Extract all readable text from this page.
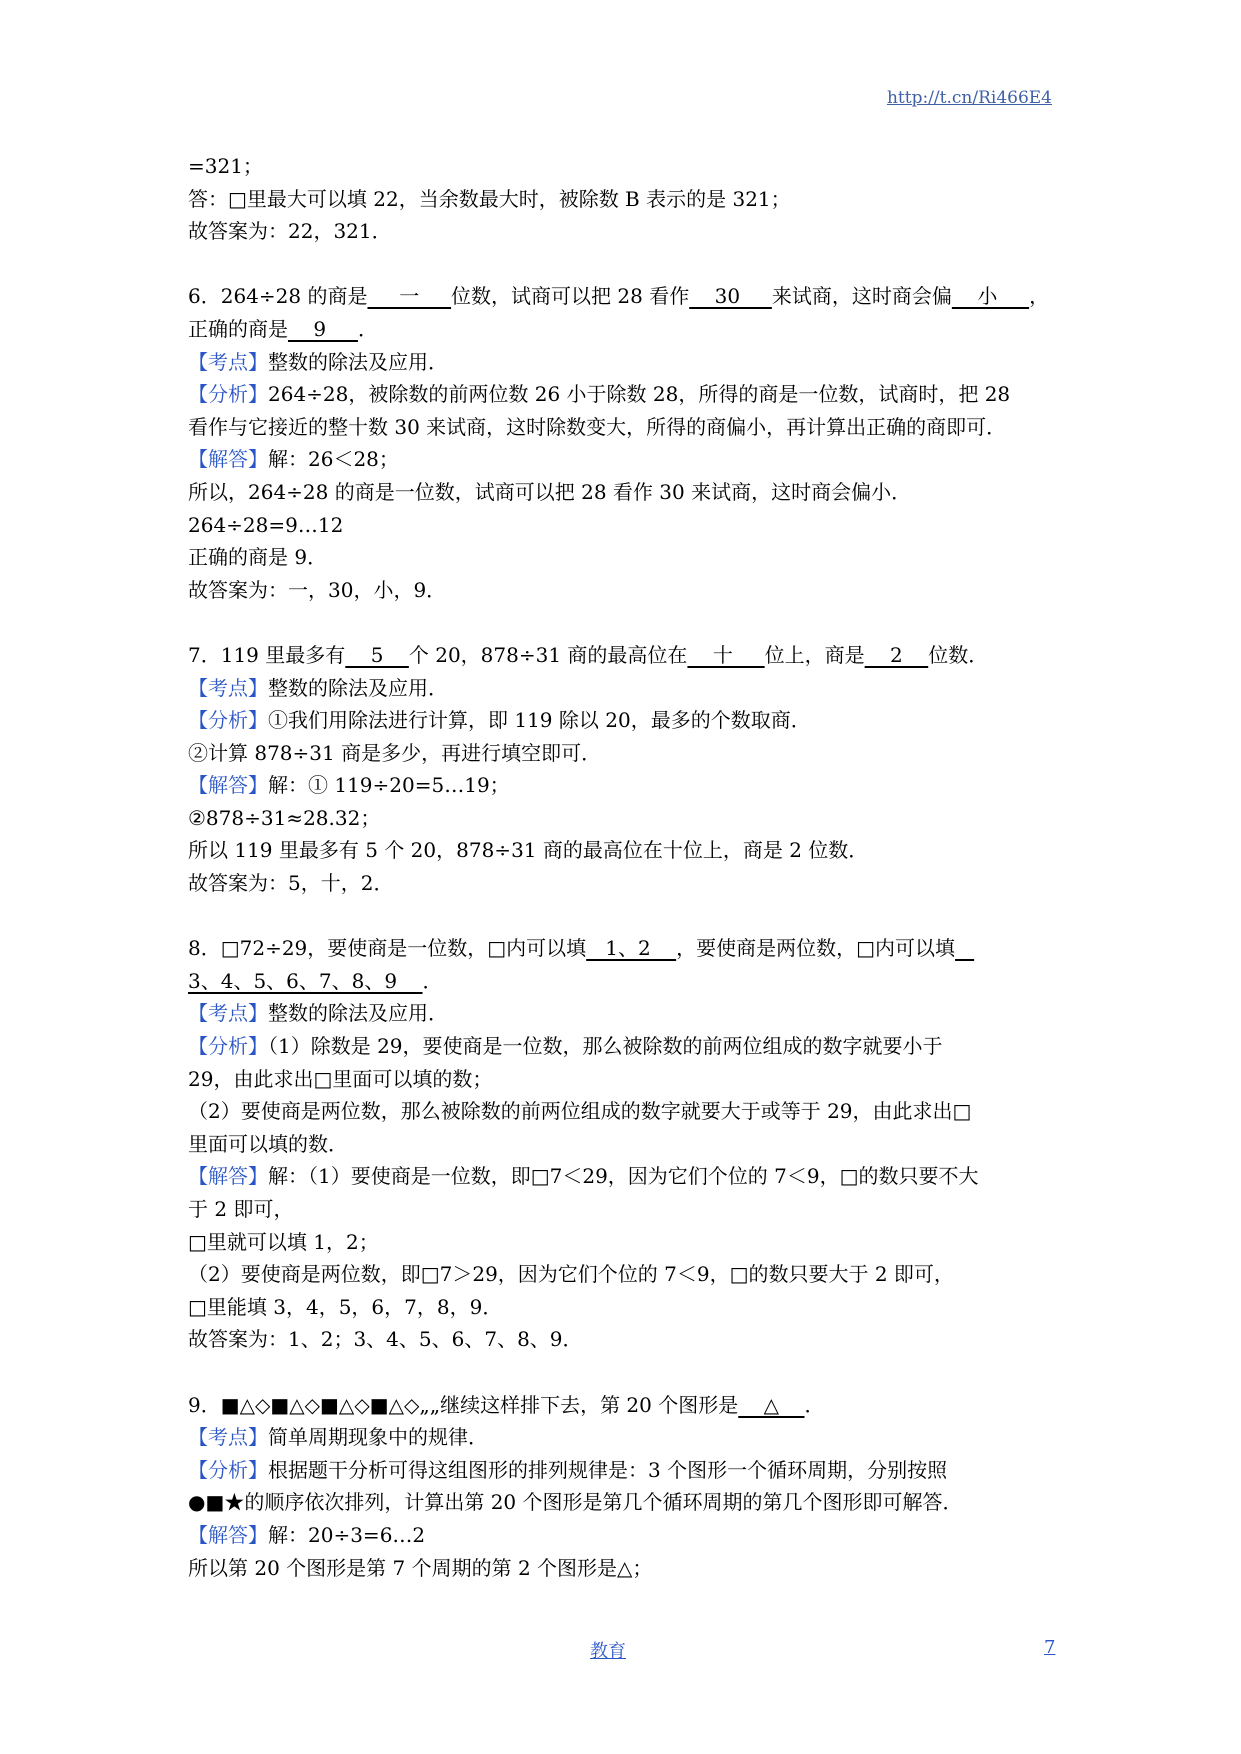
http://t.cn/Ri466E4
=321；
答：□里最大可以填 22，当余数最大时，被除数 B 表示的是 321；
故答案为：22，321．
6．264÷28 的商是     一     位数，试商可以把 28 看作    30     来试商，这时商会偏    小     ，
正确的商是    9     ．
【考点】整数的除法及应用．
【分析】264÷28，被除数的前两位数 26 小于除数 28，所得的商是一位数，试商时，把 28
看作与它接近的整十数 30 来试商，这时除数变大，所得的商偏小，再计算出正确的商即可．
【解答】解：26＜28；
所以，264÷28 的商是一位数，试商可以把 28 看作 30 来试商，这时商会偏小．
264÷28=9…12
正确的商是 9．
故答案为：一，30，小，9．
7．119 里最多有    5    个 20，878÷31 商的最高位在    十     位上，商是    2    位数．
【考点】整数的除法及应用．
【分析】①我们用除法进行计算，即 119 除以 20，最多的个数取商．
②计算 878÷31 商是多少，再进行填空即可．
【解答】解：① 119÷20=5…19；
②878÷31≈28.32；
所以 119 里最多有 5 个 20，878÷31 商的最高位在十位上，商是 2 位数．
故答案为：5，十，2．
8．□72÷29，要使商是一位数，□内可以填   1、2    ，要使商是两位数，□内可以填
3、4、5、6、7、8、9    ．
【考点】整数的除法及应用．
【分析】（1）除数是 29，要使商是一位数，那么被除数的前两位组成的数字就要小于
29，由此求出□里面可以填的数；
（2）要使商是两位数，那么被除数的前两位组成的数字就要大于或等于 29，由此求出□
里面可以填的数．
【解答】解：（1）要使商是一位数，即□7＜29，因为它们个位的 7＜9，□的数只要不大
于 2 即可，
□里就可以填 1，2；
（2）要使商是两位数，即□7＞29，因为它们个位的 7＜9，□的数只要大于 2 即可，
□里能填 3，4，5，6，7，8，9．
故答案为：1、2；3、4、5、6、7、8、9．
9．■△◇■△◇■△◇■△◇„„继续这样排下去，第 20 个图形是    △    ．
【考点】简单周期现象中的规律．
【分析】根据题干分析可得这组图形的排列规律是：3 个图形一个循环周期，分别按照
●■★的顺序依次排列，计算出第 20 个图形是第几个循环周期的第几个图形即可解答．
【解答】解：20÷3=6…2
所以第 20 个图形是第 7 个周期的第 2 个图形是△；
教育	7
